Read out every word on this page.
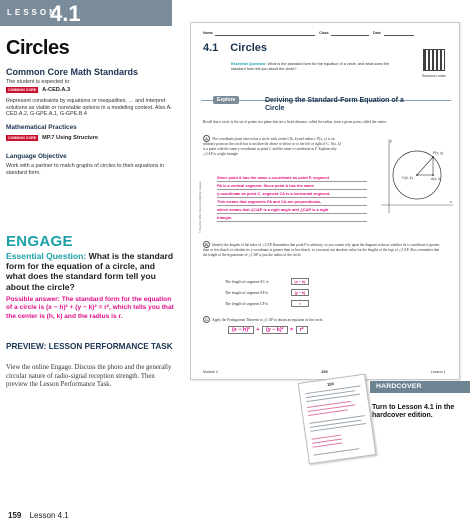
LESSON
4.1
Circles
Common Core Math Standards
The student is expected to:
COMMON CORE	A-CED.A.3
Represent constraints by equations or inequalities, … and interpret solutions as viable or nonviable options in a modeling context. Also A-CED.A.2, G-GPE.A.1, G-GPE.B.4
Mathematical Practices
COMMON CORE	MP.7 Using Structure
Language Objective
Work with a partner to match graphs of circles to their equations in standard form.
ENGAGE
Essential Question: What is the standard form for the equation of a circle, and what does the standard form tell you about the circle?
Possible answer: The standard form for the equation of a circle is (x − h)² + (y − k)² = r², which tells you that the center is (h, k) and the radius is r.
PREVIEW: LESSON PERFORMANCE TASK
View the online Engage. Discuss the photo and the generally circular nature of radio-signal reception strength. Then preview the Lesson Performance Task.
159 Lesson 4.1
Name	Class	Date
4.1 Circles
Essential Question: What is the standard form for the equation of a circle, and what does the standard form tell you about the circle?
Resource Locker
Explore	Deriving the Standard-Form Equation of a Circle
Recall that a circle is the set of points in a plane that are a fixed distance, called the radius, from a given point, called the center.
A The coordinate plane shown has a circle with center C(h, k) and radius r. P(x, y) is an arbitrary point on the circle but is not directly above or below or to the left or right of C. A(x, k) is a point with the same y-coordinate as point C and the same x-coordinate as P. Explain why △CAP is a right triangle.
Since point A has the same x-coordinate as point P, segment
PA is a vertical segment. Since point A has the same
y-coordinate as point C, segment CA is a horizontal segment.
This means that segments PA and CA are perpendicular,
which means that ∠CAP is a right angle and △CAP is a right
triangle.
y
x
P(x, y)
C(h, k)	A(x, k)
© Houghton Mifflin Harcourt Publishing Company
B Identify the lengths of the sides of △CAP. Remember that point P is arbitrary, so you cannot rely upon the diagram to know whether its x-coordinate is greater than or less than h or whether its y-coordinate is greater than or less than k, so you must use absolute value for the lengths of the legs of △CAP. Also, remember that the length of the hypotenuse of △CAP is just the radius of the circle.
The length of segment AC is	|x − h|
The length of segment AP is	|y − k|
The length of segment CP is	r
C Apply the Pythagorean Theorem to △CAP to obtain an equation of the circle.
(x − h)² + (y − k)² = r²
Module 4	159	Lesson 1
159	HARDCOVER
Turn to Lesson 4.1 in the hardcover edition.
